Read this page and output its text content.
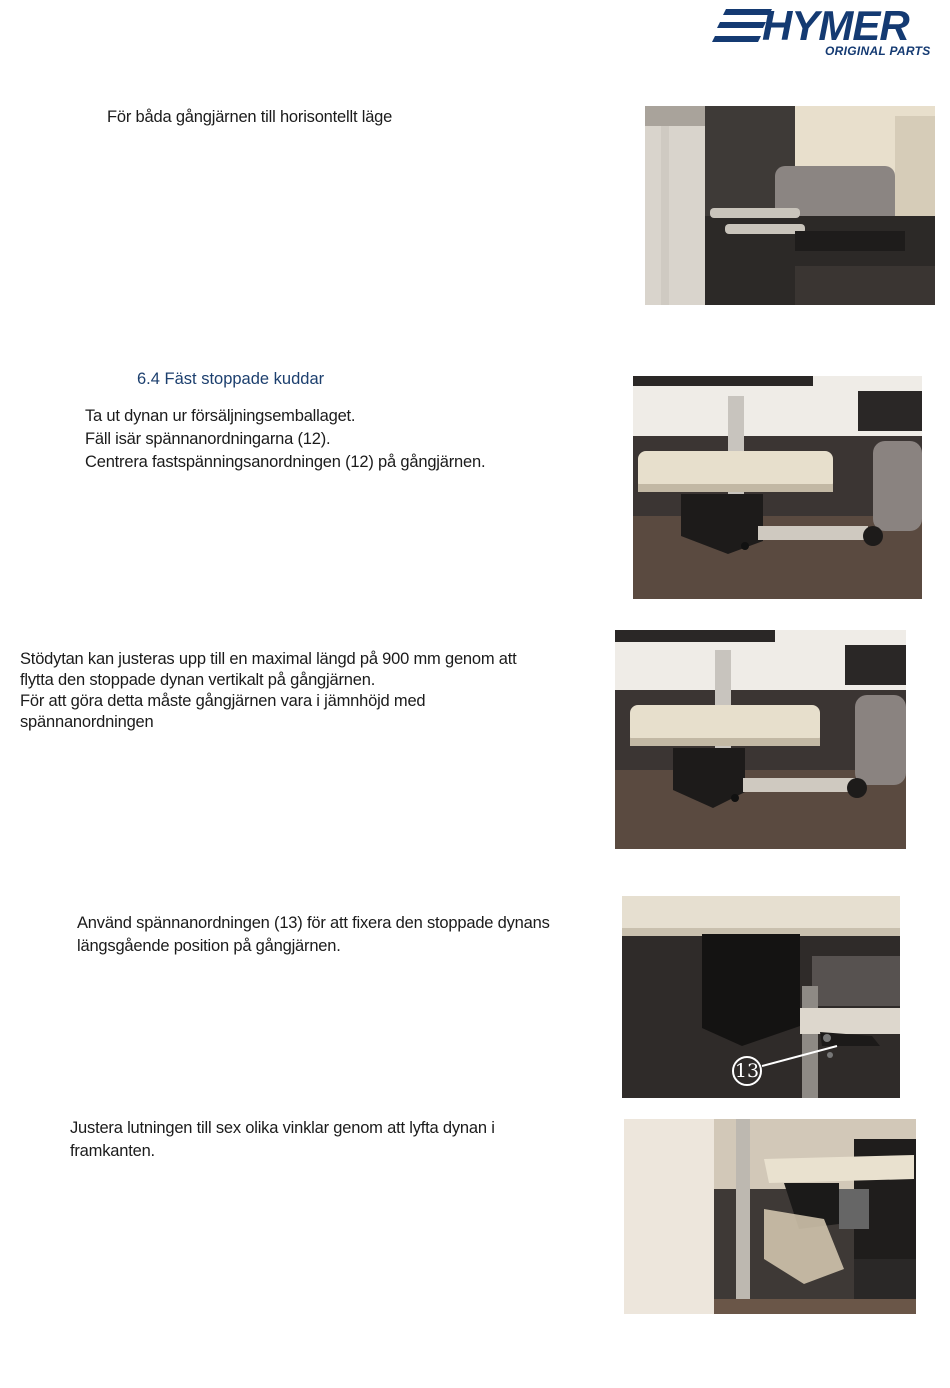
HYMER
ORIGINAL PARTS
För båda gångjärnen till horisontellt läge
6.4 Fäst stoppade kuddar
Ta ut dynan ur försäljningsemballaget.
Fäll isär spännanordningarna (12).
Centrera fastspänningsanordningen (12) på gångjärnen.
Stödytan kan justeras upp till en maximal längd på 900 mm genom att
flytta den stoppade dynan vertikalt på gångjärnen.
För att göra detta måste gångjärnen vara i jämnhöjd med
spännanordningen
Använd spännanordningen (13) för att fixera den stoppade dynans
längsgående position på gångjärnen.
13
Justera lutningen till sex olika vinklar genom att lyfta dynan i
framkanten.
